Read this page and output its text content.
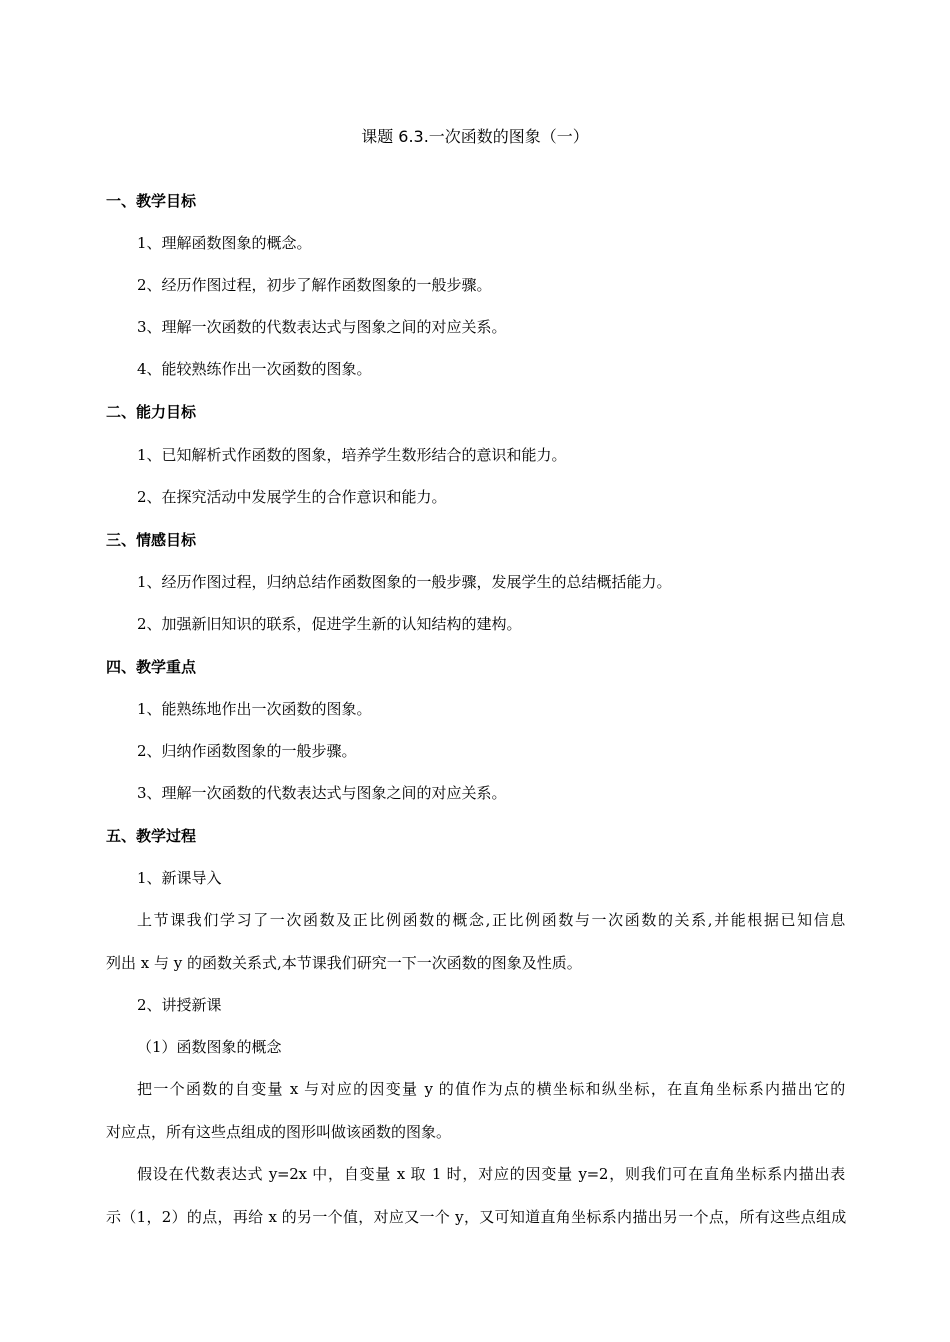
课题 6.3.一次函数的图象（一）
一、教学目标
1、理解函数图象的概念。
2、经历作图过程，初步了解作函数图象的一般步骤。
3、理解一次函数的代数表达式与图象之间的对应关系。
4、能较熟练作出一次函数的图象。
二、能力目标
1、已知解析式作函数的图象，培养学生数形结合的意识和能力。
2、在探究活动中发展学生的合作意识和能力。
三、情感目标
1、经历作图过程，归纳总结作函数图象的一般步骤，发展学生的总结概括能力。
2、加强新旧知识的联系，促进学生新的认知结构的建构。
四、教学重点
1、能熟练地作出一次函数的图象。
2、归纳作函数图象的一般步骤。
3、理解一次函数的代数表达式与图象之间的对应关系。
五、教学过程
1、新课导入
上节课我们学习了一次函数及正比例函数的概念,正比例函数与一次函数的关系,并能根据已知信息
列出 x 与 y 的函数关系式,本节课我们研究一下一次函数的图象及性质。
2、讲授新课
（1）函数图象的概念
把一个函数的自变量 x 与对应的因变量 y 的值作为点的横坐标和纵坐标，在直角坐标系内描出它的
对应点，所有这些点组成的图形叫做该函数的图象。
假设在代数表达式 y=2x 中，自变量 x 取 1 时，对应的因变量 y=2，则我们可在直角坐标系内描出表
示（1，2）的点，再给 x 的另一个值，对应又一个 y，又可知道直角坐标系内描出另一个点，所有这些点组成
